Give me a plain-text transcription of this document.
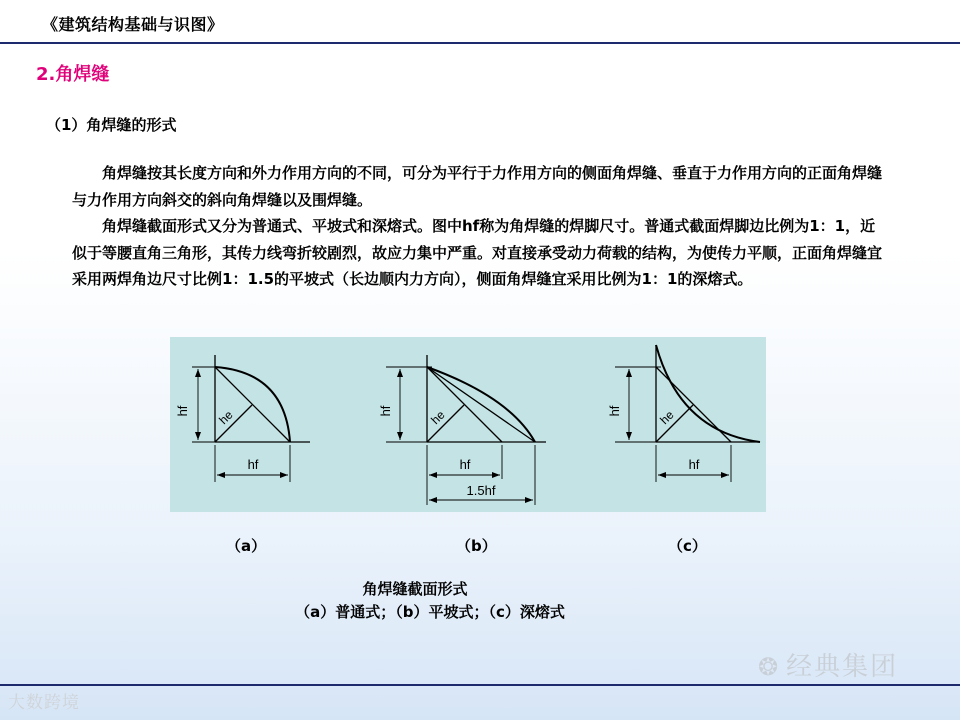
《建筑结构基础与识图》
2.角焊缝
（1）角焊缝的形式

角焊缝按其长度方向和外力作用方向的不同，可分为平行于力作用方向的侧面角焊缝、垂直于力作用方向的正面角焊缝与力作用方向斜交的斜向角焊缝以及围焊缝。

角焊缝截面形式又分为普通式、平坡式和深熔式。图中hf称为角焊缝的焊脚尺寸。普通式截面焊脚边比例为1：1，近似于等腰直角三角形，其传力线弯折较剧烈，故应力集中严重。对直接承受动力荷载的结构，为使传力平顺，正面角焊缝宜采用两焊角边尺寸比例1：1.5的平坡式（长边顺内力方向），侧面角焊缝宜采用比例为1：1的深熔式。

hf he
hf
hf	he
hf
1.5hf
hf	he
hf
（a）	（b）	（c）
角焊缝截面形式
（a）普通式；（b）平坡式；（c）深熔式
❂ 经典集团
大数跨境
